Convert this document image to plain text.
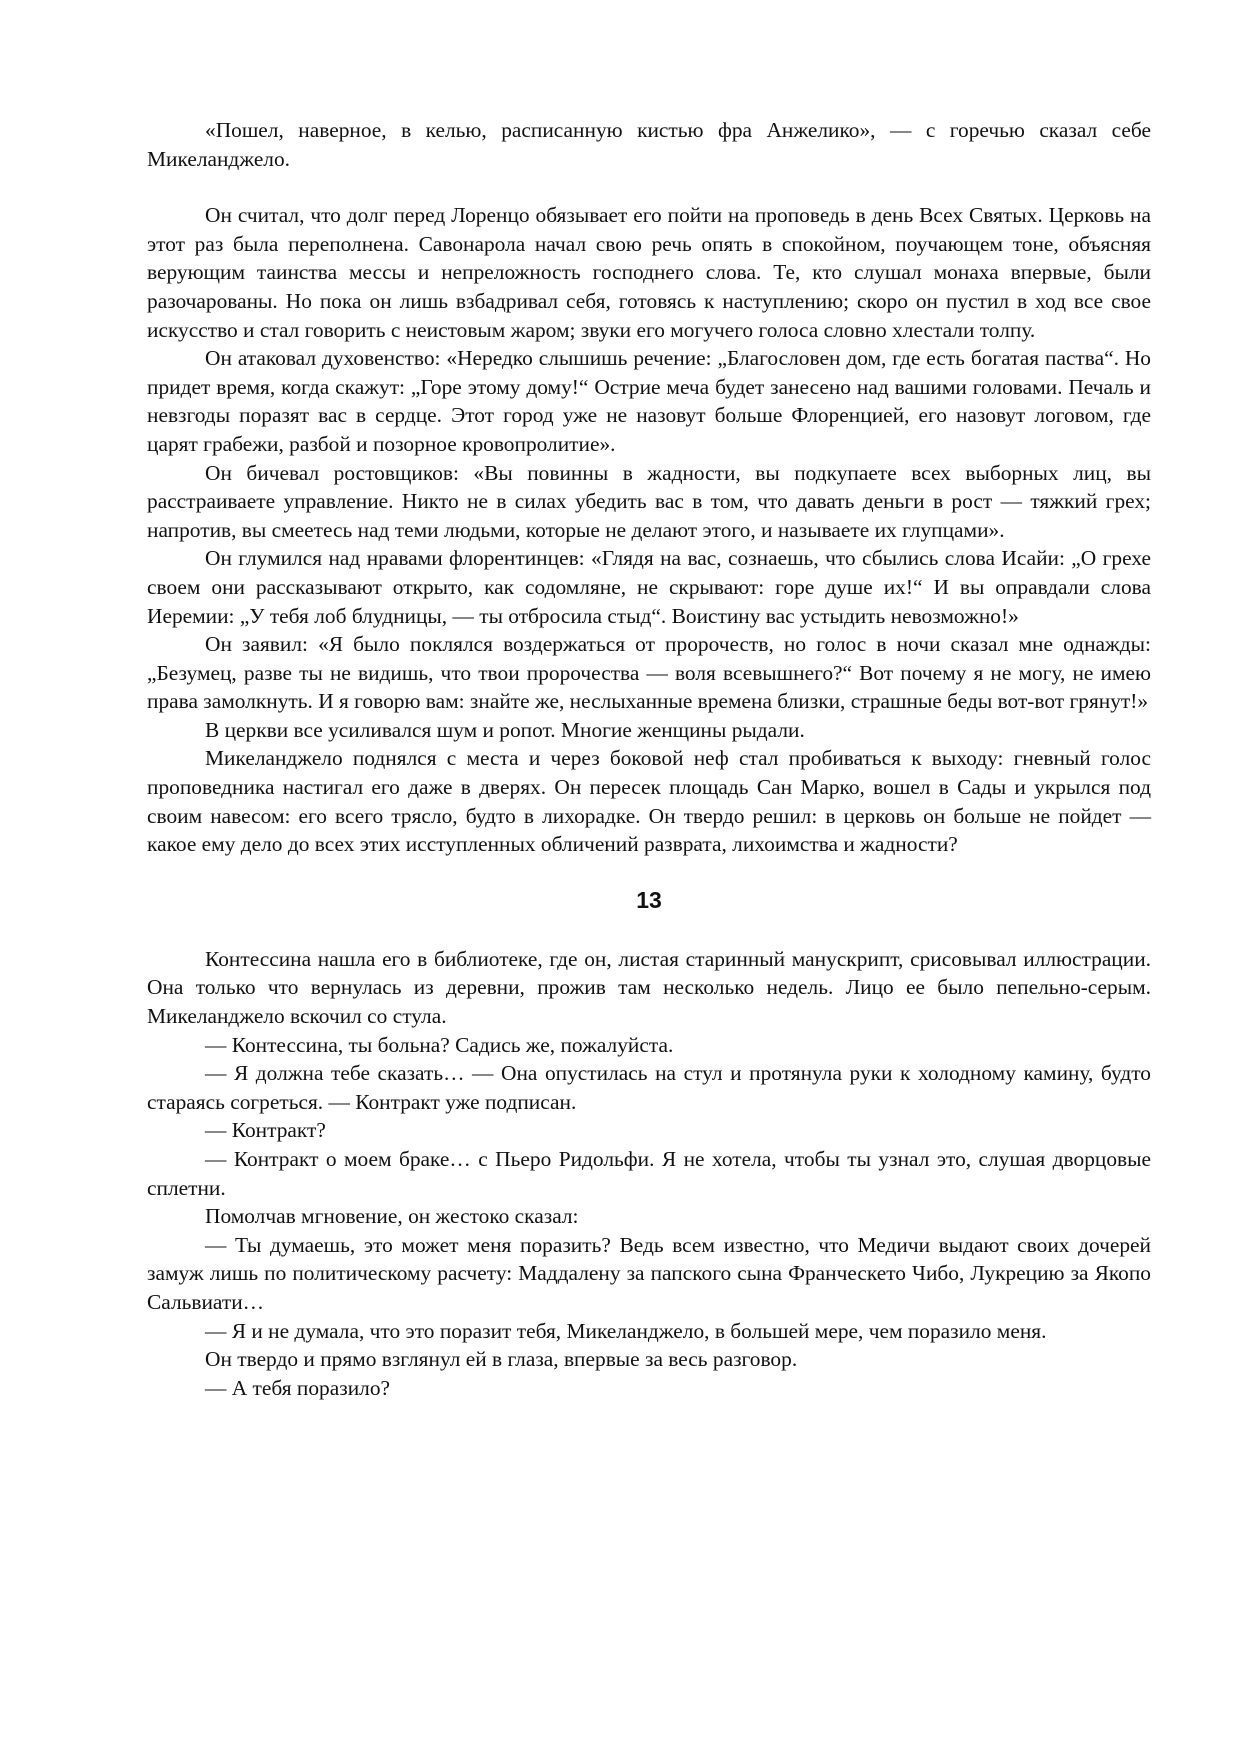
«Пошел, наверное, в келью, расписанную кистью фра Анжелико», — с горечью сказал себе Микеланджело.

Он считал, что долг перед Лоренцо обязывает его пойти на проповедь в день Всех Святых. Церковь на этот раз была переполнена. Савонарола начал свою речь опять в спокойном, поучающем тоне, объясняя верующим таинства мессы и непреложность господнего слова. Те, кто слушал монаха впервые, были разочарованы. Но пока он лишь взбадривал себя, готовясь к наступлению; скоро он пустил в ход все свое искусство и стал говорить с неистовым жаром; звуки его могучего голоса словно хлестали толпу.

Он атаковал духовенство: «Нередко слышишь речение: „Благословен дом, где есть богатая паства“. Но придет время, когда скажут: „Горе этому дому!“ Острие меча будет занесено над вашими головами. Печаль и невзгоды поразят вас в сердце. Этот город уже не назовут больше Флоренцией, его назовут логовом, где царят грабежи, разбой и позорное кровопролитие».

Он бичевал ростовщиков: «Вы повинны в жадности, вы подкупаете всех выборных лиц, вы расстраиваете управление. Никто не в силах убедить вас в том, что давать деньги в рост — тяжкий грех; напротив, вы смеетесь над теми людьми, которые не делают этого, и называете их глупцами».

Он глумился над нравами флорентинцев: «Глядя на вас, сознаешь, что сбылись слова Исайи: „О грехе своем они рассказывают открыто, как содомляне, не скрывают: горе душе их!“ И вы оправдали слова Иеремии: „У тебя лоб блудницы, — ты отбросила стыд“. Воистину вас устыдить невозможно!»

Он заявил: «Я было поклялся воздержаться от пророчеств, но голос в ночи сказал мне однажды: „Безумец, разве ты не видишь, что твои пророчества — воля всевышнего?“ Вот почему я не могу, не имею права замолкнуть. И я говорю вам: знайте же, неслыханные времена близки, страшные беды вот-вот грянут!»

В церкви все усиливался шум и ропот. Многие женщины рыдали.

Микеланджело поднялся с места и через боковой неф стал пробиваться к выходу: гневный голос проповедника настигал его даже в дверях. Он пересек площадь Сан Марко, вошел в Сады и укрылся под своим навесом: его всего трясло, будто в лихорадке. Он твердо решил: в церковь он больше не пойдет — какое ему дело до всех этих исступленных обличений разврата, лихоимства и жадности?

13

Контессина нашла его в библиотеке, где он, листая старинный манускрипт, срисовывал иллюстрации. Она только что вернулась из деревни, прожив там несколько недель. Лицо ее было пепельно-серым. Микеланджело вскочил со стула.

— Контессина, ты больна? Садись же, пожалуйста.

— Я должна тебе сказать… — Она опустилась на стул и протянула руки к холодному камину, будто стараясь согреться. — Контракт уже подписан.

— Контракт?

— Контракт о моем браке… с Пьеро Ридольфи. Я не хотела, чтобы ты узнал это, слушая дворцовые сплетни.

Помолчав мгновение, он жестоко сказал:

— Ты думаешь, это может меня поразить? Ведь всем известно, что Медичи выдают своих дочерей замуж лишь по политическому расчету: Маддалену за папского сына Франческето Чибо, Лукрецию за Якопо Сальвиати…

— Я и не думала, что это поразит тебя, Микеланджело, в большей мере, чем поразило меня.

Он твердо и прямо взглянул ей в глаза, впервые за весь разговор.

— А тебя поразило?
